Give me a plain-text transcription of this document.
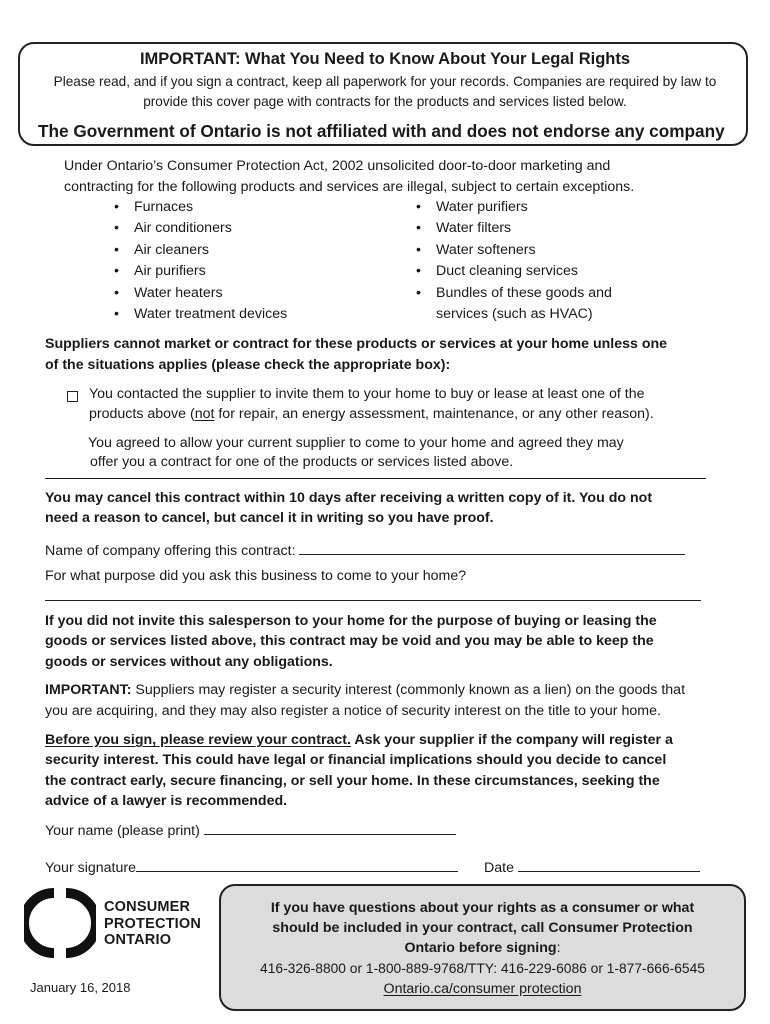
IMPORTANT: What You Need to Know About Your Legal Rights
Please read, and if you sign a contract, keep all paperwork for your records. Companies are required by law to
provide this cover page with contracts for the products and services listed below.
The Government of Ontario is not affiliated with and does not endorse any company
Under Ontario’s Consumer Protection Act, 2002 unsolicited door-to-door marketing and
contracting for the following products and services are illegal, subject to certain exceptions.
• Furnaces
• Air conditioners
• Air cleaners
• Air purifiers
• Water heaters
• Water treatment devices
• Water purifiers
• Water filters
• Water softeners
• Duct cleaning services
• Bundles of these goods and
services (such as HVAC)
Suppliers cannot market or contract for these products or services at your home unless one
of the situations applies (please check the appropriate box):
You contacted the supplier to invite them to your home to buy or lease at least one of the
products above (not for repair, an energy assessment, maintenance, or any other reason).
You agreed to allow your current supplier to come to your home and agreed they may
offer you a contract for one of the products or services listed above.
You may cancel this contract within 10 days after receiving a written copy of it. You do not
need a reason to cancel, but cancel it in writing so you have proof.
Name of company offering this contract:
For what purpose did you ask this business to come to your home?
If you did not invite this salesperson to your home for the purpose of buying or leasing the
goods or services listed above, this contract may be void and you may be able to keep the
goods or services without any obligations.
IMPORTANT: Suppliers may register a security interest (commonly known as a lien) on the goods that
you are acquiring, and they may also register a notice of security interest on the title to your home.
Before you sign, please review your contract. Ask your supplier if the company will register a
security interest. This could have legal or financial implications should you decide to cancel
the contract early, secure financing, or sell your home. In these circumstances, seeking the
advice of a lawyer is recommended.
Your name (please print)
Your signature	Date
CONSUMER
PROTECTION
ONTARIO
January 16, 2018
If you have questions about your rights as a consumer or what
should be included in your contract, call Consumer Protection
Ontario before signing:
416-326-8800 or 1-800-889-9768/TTY: 416-229-6086 or 1-877-666-6545
Ontario.ca/consumer protection
